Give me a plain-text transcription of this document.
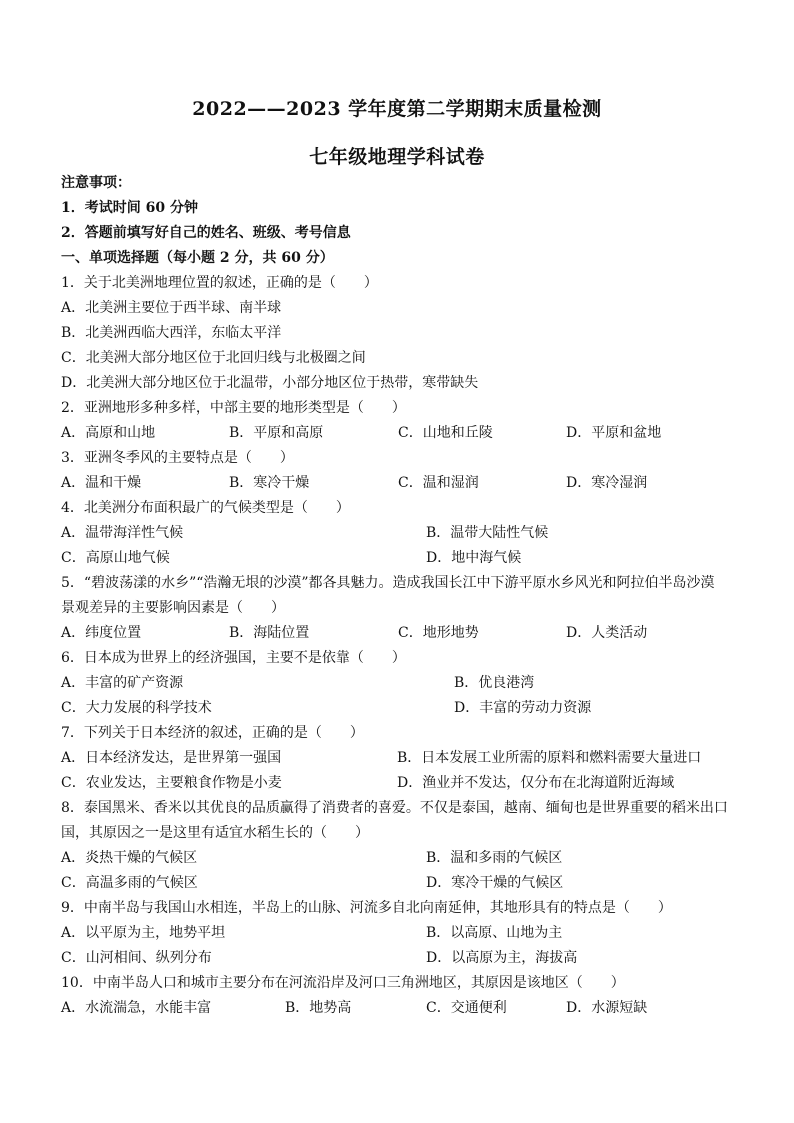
2022——2023 学年度第二学期期末质量检测
七年级地理学科试卷
注意事项：
1．考试时间 60 分钟
2．答题前填写好自己的姓名、班级、考号信息
一、单项选择题（每小题 2 分，共 60 分）
1．关于北美洲地理位置的叙述，正确的是（　　）
A．北美洲主要位于西半球、南半球
B．北美洲西临大西洋，东临太平洋
C．北美洲大部分地区位于北回归线与北极圈之间
D．北美洲大部分地区位于北温带，小部分地区位于热带，寒带缺失
2．亚洲地形多种多样，中部主要的地形类型是（　　）
A．高原和山地	B．平原和高原	C．山地和丘陵	D．平原和盆地
3．亚洲冬季风的主要特点是（　　）
A．温和干燥	B．寒冷干燥	C．温和湿润	D．寒冷湿润
4．北美洲分布面积最广的气候类型是（　　）
A．温带海洋性气候	B．温带大陆性气候
C．高原山地气候	D．地中海气候
5．“碧波荡漾的水乡”“浩瀚无垠的沙漠”都各具魅力。造成我国长江中下游平原水乡风光和阿拉伯半岛沙漠
景观差异的主要影响因素是（　　）
A．纬度位置	B．海陆位置	C．地形地势	D．人类活动
6．日本成为世界上的经济强国，主要不是依靠（　　）
A．丰富的矿产资源	B．优良港湾
C．大力发展的科学技术	D．丰富的劳动力资源
7．下列关于日本经济的叙述，正确的是（　　）
A．日本经济发达，是世界第一强国	B．日本发展工业所需的原料和燃料需要大量进口
C．农业发达，主要粮食作物是小麦	D．渔业并不发达，仅分布在北海道附近海域
8．泰国黑米、香米以其优良的品质赢得了消费者的喜爱。不仅是泰国，越南、缅甸也是世界重要的稻米出口
国，其原因之一是这里有适宜水稻生长的（　　）
A．炎热干燥的气候区	B．温和多雨的气候区
C．高温多雨的气候区	D．寒冷干燥的气候区
9．中南半岛与我国山水相连，半岛上的山脉、河流多自北向南延伸，其地形具有的特点是（　　）
A．以平原为主，地势平坦	B．以高原、山地为主
C．山河相间、纵列分布	D．以高原为主，海拔高
10．中南半岛人口和城市主要分布在河流沿岸及河口三角洲地区，其原因是该地区（　　）
A．水流湍急，水能丰富	B．地势高	C．交通便利	D．水源短缺
